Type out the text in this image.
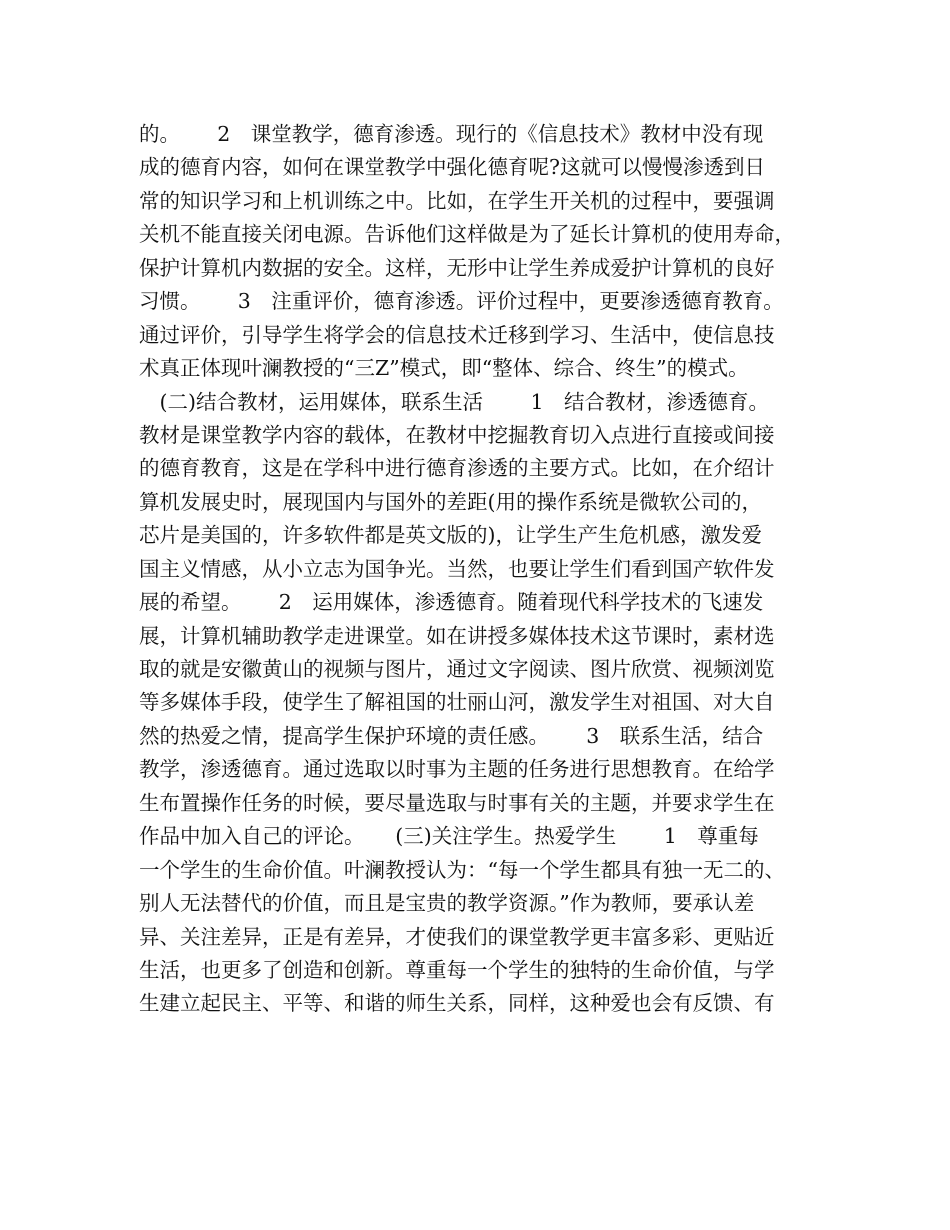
的。　　 2　课堂教学，德育渗透。现行的《信息技术》教材中没有现
成的德育内容，如何在课堂教学中强化德育呢?这就可以慢慢渗透到日
常的知识学习和上机训练之中。比如，在学生开关机的过程中，要强调
关机不能直接关闭电源。告诉他们这样做是为了延长计算机的使用寿命，
保护计算机内数据的安全。这样，无形中让学生养成爱护计算机的良好
习惯。　　 3　注重评价，德育渗透。评价过程中，更要渗透德育教育。
通过评价，引导学生将学会的信息技术迁移到学习、生活中，使信息技
术真正体现叶澜教授的“三Z”模式，即“整体、综合、终生”的模式。
　(二)结合教材，运用媒体，联系生活　　 1　结合教材，渗透德育。
教材是课堂教学内容的载体，在教材中挖掘教育切入点进行直接或间接
的德育教育，这是在学科中进行德育渗透的主要方式。比如，在介绍计
算机发展史时，展现国内与国外的差距(用的操作系统是微软公司的，
芯片是美国的，许多软件都是英文版的)，让学生产生危机感，激发爱
国主义情感，从小立志为国争光。当然，也要让学生们看到国产软件发
展的希望。　　 2　运用媒体，渗透德育。随着现代科学技术的飞速发
展，计算机辅助教学走进课堂。如在讲授多媒体技术这节课时，素材选
取的就是安徽黄山的视频与图片，通过文字阅读、图片欣赏、视频浏览
等多媒体手段，使学生了解祖国的壮丽山河，激发学生对祖国、对大自
然的热爱之情，提高学生保护环境的责任感。　　 3　联系生活，结合
教学，渗透德育。通过选取以时事为主题的任务进行思想教育。在给学
生布置操作任务的时候，要尽量选取与时事有关的主题，并要求学生在
作品中加入自己的评论。　　(三)关注学生。热爱学生　　 1　尊重每
一个学生的生命价值。叶澜教授认为：“每一个学生都具有独一无二的、
别人无法替代的价值，而且是宝贵的教学资源。”作为教师，要承认差
异、关注差异，正是有差异，才使我们的课堂教学更丰富多彩、更贴近
生活，也更多了创造和创新。尊重每一个学生的独特的生命价值，与学
生建立起民主、平等、和谐的师生关系，同样，这种爱也会有反馈、有
